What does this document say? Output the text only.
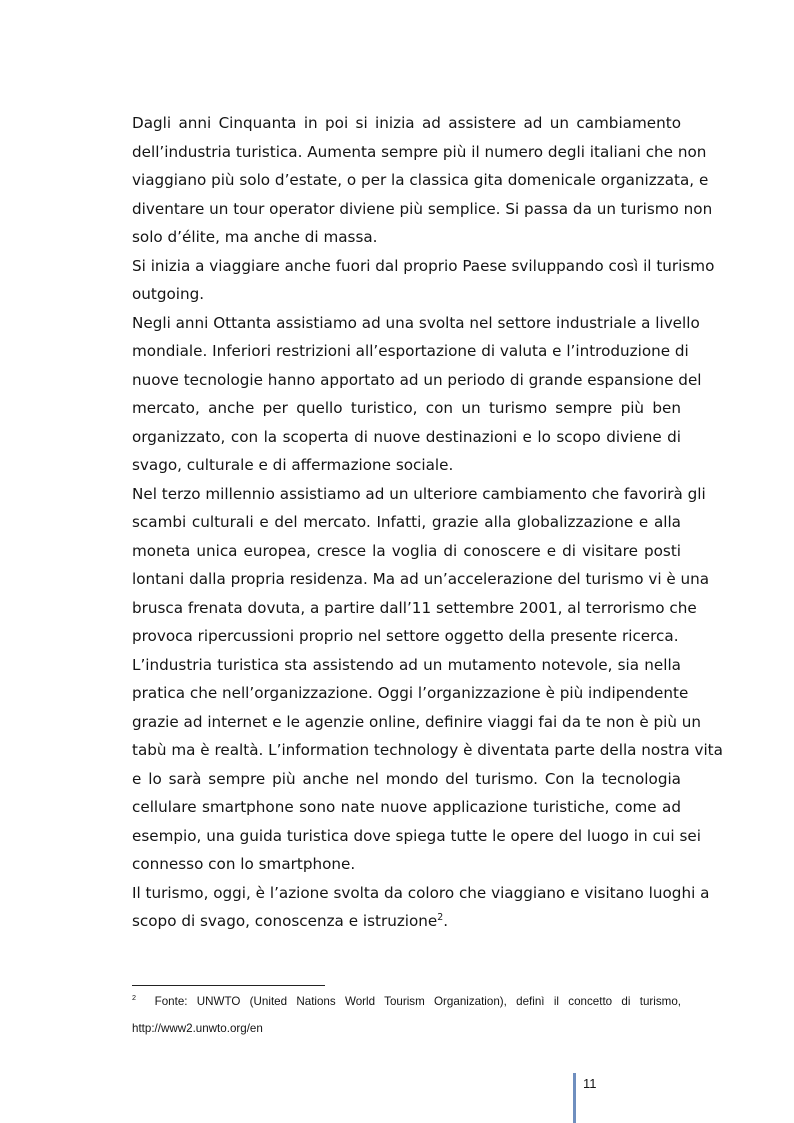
Dagli anni Cinquanta in poi si inizia ad assistere ad un cambiamento
dell’industria turistica. Aumenta sempre più il numero degli italiani che non
viaggiano più solo d’estate, o per la classica gita domenicale organizzata, e
diventare un tour operator diviene più semplice. Si passa da un turismo non
solo d’élite, ma anche di massa.
Si inizia a viaggiare anche fuori dal proprio Paese sviluppando così il turismo
outgoing.
Negli anni Ottanta assistiamo ad una svolta nel settore industriale a livello
mondiale. Inferiori restrizioni all’esportazione di valuta e l’introduzione di
nuove tecnologie hanno apportato ad un periodo di grande espansione del
mercato, anche per quello turistico, con un turismo sempre più ben
organizzato, con la scoperta di nuove destinazioni e lo scopo diviene di
svago, culturale e di affermazione sociale.
Nel terzo millennio assistiamo ad un ulteriore cambiamento che favorirà gli
scambi culturali e del mercato. Infatti, grazie alla globalizzazione e alla
moneta unica europea, cresce la voglia di conoscere e di visitare posti
lontani dalla propria residenza. Ma ad un’accelerazione del turismo vi è una
brusca frenata dovuta, a partire dall’11 settembre 2001, al terrorismo che
provoca ripercussioni proprio nel settore oggetto della presente ricerca.
L’industria turistica sta assistendo ad un mutamento notevole, sia nella
pratica che nell’organizzazione. Oggi l’organizzazione è più indipendente
grazie ad internet e le agenzie online, definire viaggi fai da te non è più un
tabù ma è realtà. L’information technology è diventata parte della nostra vita
e lo sarà sempre più anche nel mondo del turismo. Con la tecnologia
cellulare smartphone sono nate nuove applicazione turistiche, come ad
esempio, una guida turistica dove spiega tutte le opere del luogo in cui sei
connesso con lo smartphone.
Il turismo, oggi, è l’azione svolta da coloro che viaggiano e visitano luoghi a
scopo di svago, conoscenza e istruzione$^2$.
$^2$ Fonte: UNWTO (United Nations World Tourism Organization), definì il concetto di turismo,
http://www2.unwto.org/en
11
